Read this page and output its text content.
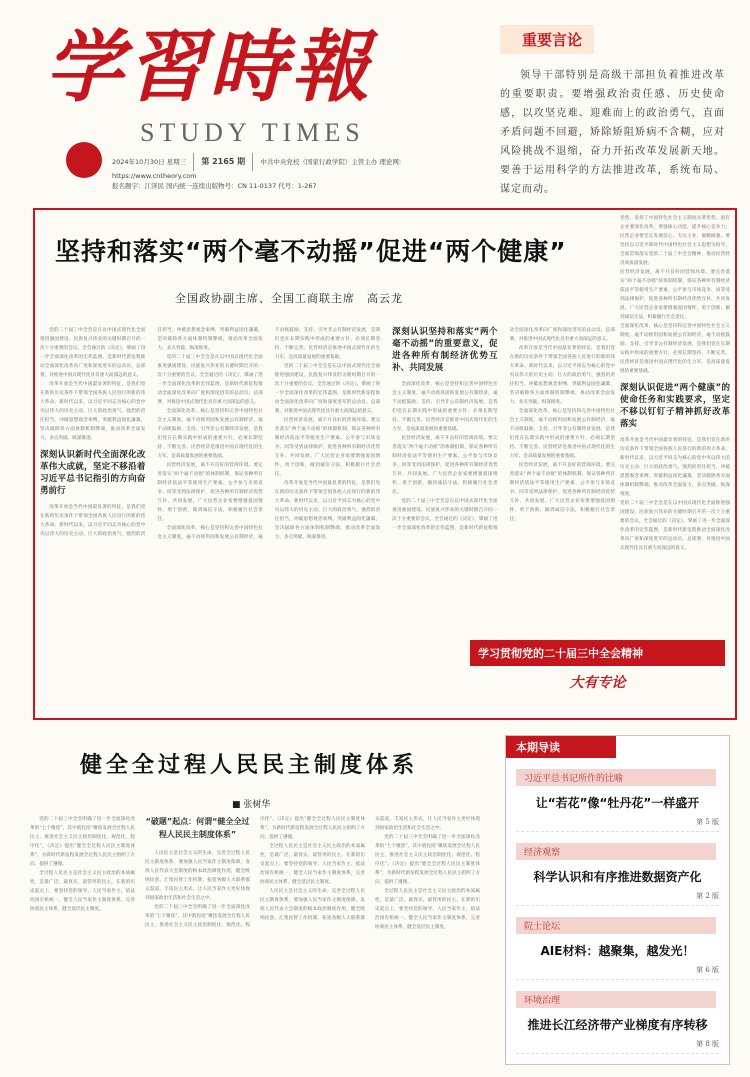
学習時報
STUDY TIMES
2024年10月30日 星期三 第 2165 期 中共中央党校（国家行政学院）主管主办 理论网: https://www.cntheory.com
报名题字：江泽民 国内统一连续出版物号：CN 11-0137 代号：1-267
重要言论
领导干部特别是高级干部担负着推进改革的重要职责。要增强政治责任感、历史使命感，以攻坚克难、迎难而上的政治勇气，直面矛盾问题不回避，矫除矫阻矫病不含糊，应对风险挑战不退缩，奋力开拓改革发展新天地。要善于运用科学的方法推进改革，系统布局、谋定而动。
坚持和落实“两个毫不动摇”促进“两个健康”
全国政协副主席、全国工商联主席　高云龙

党的二十届三中全会是在以中国式现代化全面推进强国建设、民族复兴伟业的关键时期召开的一次十分重要的会议。全会通过的《决定》，擘画了进一步全面深化改革的宏伟蓝图，是新时代新征程推动全面深化改革向广度和深度进军的总动员、总部署，对推进中国式现代化具有重大而深远的意义。

改革开放是当代中国最显著的特征，是我们党在新的历史条件下带领全国各族人民进行的新的伟大革命。新时代以来，以习近平同志为核心的党中央以伟大的历史主动、巨大的政治勇气、强烈的责任担当，冲破思想观念束缚，突破利益固化藩篱，坚决破除各方面体制机制弊端，推动改革全面发力、多点突破、纵深推进。

深刻认识新时代全面深化改革伟大成就，坚定不移沿着习近平总书记指引的方向奋勇前行

改革开放是当代中国最显著的特征，是我们党在新的历史条件下带领全国各族人民进行的新的伟大革命。新时代以来，以习近平同志为核心的党中央以伟大的历史主动、巨大的政治勇气、强烈的责任担当，冲破思想观念束缚，突破利益固化藩篱，坚决破除各方面体制机制弊端，推动改革全面发力、多点突破、纵深推进。

党的二十届三中全会是在以中国式现代化全面推进强国建设、民族复兴伟业的关键时期召开的一次十分重要的会议。全会通过的《决定》，擘画了进一步全面深化改革的宏伟蓝图，是新时代新征程推动全面深化改革向广度和深度进军的总动员、总部署，对推进中国式现代化具有重大而深远的意义。

全面深化改革，核心是坚持和完善中国特色社会主义制度。毫不动摇巩固和发展公有制经济，毫不动摇鼓励、支持、引导非公有制经济发展，是我们党在长期实践中形成的重要方针，必须长期坚持、不断完善。民营经济是推进中国式现代化的生力军，是高质量发展的重要基础。

民营经济发展，离不开良好的营商环境。要完善落实“两个毫不动摇”的体制机制，保证各种所有制经济依法平等使用生产要素、公平参与市场竞争、同等受到法律保护，促进各种所有制经济优势互补、共同发展。广大民营企业家要增强爱国情怀，勇于创新，做到诚信守法，积极履行社会责任。

全面深化改革，核心是坚持和完善中国特色社会主义制度。毫不动摇巩固和发展公有制经济，毫不动摇鼓励、支持、引导非公有制经济发展，是我们党在长期实践中形成的重要方针，必须长期坚持、不断完善。民营经济是推进中国式现代化的生力军，是高质量发展的重要基础。

党的二十届三中全会是在以中国式现代化全面推进强国建设、民族复兴伟业的关键时期召开的一次十分重要的会议。全会通过的《决定》，擘画了进一步全面深化改革的宏伟蓝图，是新时代新征程推动全面深化改革向广度和深度进军的总动员、总部署，对推进中国式现代化具有重大而深远的意义。

民营经济发展，离不开良好的营商环境。要完善落实“两个毫不动摇”的体制机制，保证各种所有制经济依法平等使用生产要素、公平参与市场竞争、同等受到法律保护，促进各种所有制经济优势互补、共同发展。广大民营企业家要增强爱国情怀，勇于创新，做到诚信守法，积极履行社会责任。

改革开放是当代中国最显著的特征，是我们党在新的历史条件下带领全国各族人民进行的新的伟大革命。新时代以来，以习近平同志为核心的党中央以伟大的历史主动、巨大的政治勇气、强烈的责任担当，冲破思想观念束缚，突破利益固化藩篱，坚决破除各方面体制机制弊端，推动改革全面发力、多点突破、纵深推进。

深刻认识坚持和落实“两个毫不动摇”的重要意义，促进各种所有制经济优势互补、共同发展

全面深化改革，核心是坚持和完善中国特色社会主义制度。毫不动摇巩固和发展公有制经济，毫不动摇鼓励、支持、引导非公有制经济发展，是我们党在长期实践中形成的重要方针，必须长期坚持、不断完善。民营经济是推进中国式现代化的生力军，是高质量发展的重要基础。

民营经济发展，离不开良好的营商环境。要完善落实“两个毫不动摇”的体制机制，保证各种所有制经济依法平等使用生产要素、公平参与市场竞争、同等受到法律保护，促进各种所有制经济优势互补、共同发展。广大民营企业家要增强爱国情怀，勇于创新，做到诚信守法，积极履行社会责任。

党的二十届三中全会是在以中国式现代化全面推进强国建设、民族复兴伟业的关键时期召开的一次十分重要的会议。全会通过的《决定》，擘画了进一步全面深化改革的宏伟蓝图，是新时代新征程推动全面深化改革向广度和深度进军的总动员、总部署，对推进中国式现代化具有重大而深远的意义。

改革开放是当代中国最显著的特征，是我们党在新的历史条件下带领全国各族人民进行的新的伟大革命。新时代以来，以习近平同志为核心的党中央以伟大的历史主动、巨大的政治勇气、强烈的责任担当，冲破思想观念束缚，突破利益固化藩篱，坚决破除各方面体制机制弊端，推动改革全面发力、多点突破、纵深推进。

全面深化改革，核心是坚持和完善中国特色社会主义制度。毫不动摇巩固和发展公有制经济，毫不动摇鼓励、支持、引导非公有制经济发展，是我们党在长期实践中形成的重要方针，必须长期坚持、不断完善。民营经济是推进中国式现代化的生力军，是高质量发展的重要基础。

民营经济发展，离不开良好的营商环境。要完善落实“两个毫不动摇”的体制机制，保证各种所有制经济依法平等使用生产要素、公平参与市场竞争、同等受到法律保护，促进各种所有制经济优势互补、共同发展。广大民营企业家要增强爱国情怀，勇于创新，做到诚信守法，积极履行社会责任。

优势，发挥了中国特色社会主义制度显著优势。国有企业要深化改革，增强核心功能，提升核心竞争力；民营企业要坚定发展信心，专注主业、做精做强。要坚持以习近平新时代中国特色社会主义思想为指导，全面贯彻落实党的二十届三中全会精神，推动民营经济高质量发展。

民营经济发展，离不开良好的营商环境。要完善落实“两个毫不动摇”的体制机制，保证各种所有制经济依法平等使用生产要素、公平参与市场竞争、同等受到法律保护，促进各种所有制经济优势互补、共同发展。广大民营企业家要增强爱国情怀，勇于创新，做到诚信守法，积极履行社会责任。

全面深化改革，核心是坚持和完善中国特色社会主义制度。毫不动摇巩固和发展公有制经济，毫不动摇鼓励、支持、引导非公有制经济发展，是我们党在长期实践中形成的重要方针，必须长期坚持、不断完善。民营经济是推进中国式现代化的生力军，是高质量发展的重要基础。

深刻认识促进“两个健康”的使命任务和实践要求，坚定不移以钉钉子精神抓好改革落实

改革开放是当代中国最显著的特征，是我们党在新的历史条件下带领全国各族人民进行的新的伟大革命。新时代以来，以习近平同志为核心的党中央以伟大的历史主动、巨大的政治勇气、强烈的责任担当，冲破思想观念束缚，突破利益固化藩篱，坚决破除各方面体制机制弊端，推动改革全面发力、多点突破、纵深推进。

党的二十届三中全会是在以中国式现代化全面推进强国建设、民族复兴伟业的关键时期召开的一次十分重要的会议。全会通过的《决定》，擘画了进一步全面深化改革的宏伟蓝图，是新时代新征程推动全面深化改革向广度和深度进军的总动员、总部署，对推进中国式现代化具有重大而深远的意义。

学习贯彻党的二十届三中全会精神
大有专论
健全全过程人民民主制度体系
■ 张树华

党的二十届三中全会明确了进一步全面深化改革的“七个聚焦”，其中就包括“聚焦发展全过程人民民主，推进社会主义民主政治制度化、规范化、程序化”。《决定》提出“健全全过程人民民主制度体系”，为新时代新征程发展全过程人民民主指明了方向、提供了遵循。

全过程人民民主是社会主义民主政治的本质属性，是最广泛、最真实、最管用的民主。在新的历史起点上，要坚持党的领导、人民当家作主、依法治国有机统一，健全人民当家作主制度体系，完善协商民主体系，健全基层民主制度。

“破题”起点：何谓“健全全过程人民民主制度体系”

人民民主是社会主义的生命。完善全过程人民民主制度体系，要加强人民当家作主制度保障，发挥人民代表大会制度的根本政治制度作用，健全吸纳民意、汇集民智工作机制，拓宽各级人大联系群众渠道，丰富民主形式，让人民当家作主更好体现到国家政治生活和社会生活之中。

党的二十届三中全会明确了进一步全面深化改革的“七个聚焦”，其中就包括“聚焦发展全过程人民民主，推进社会主义民主政治制度化、规范化、程序化”。《决定》提出“健全全过程人民民主制度体系”，为新时代新征程发展全过程人民民主指明了方向、提供了遵循。

全过程人民民主是社会主义民主政治的本质属性，是最广泛、最真实、最管用的民主。在新的历史起点上，要坚持党的领导、人民当家作主、依法治国有机统一，健全人民当家作主制度体系，完善协商民主体系，健全基层民主制度。

人民民主是社会主义的生命。完善全过程人民民主制度体系，要加强人民当家作主制度保障，发挥人民代表大会制度的根本政治制度作用，健全吸纳民意、汇集民智工作机制，拓宽各级人大联系群众渠道，丰富民主形式，让人民当家作主更好体现到国家政治生活和社会生活之中。

党的二十届三中全会明确了进一步全面深化改革的“七个聚焦”，其中就包括“聚焦发展全过程人民民主，推进社会主义民主政治制度化、规范化、程序化”。《决定》提出“健全全过程人民民主制度体系”，为新时代新征程发展全过程人民民主指明了方向、提供了遵循。

全过程人民民主是社会主义民主政治的本质属性，是最广泛、最真实、最管用的民主。在新的历史起点上，要坚持党的领导、人民当家作主、依法治国有机统一，健全人民当家作主制度体系，完善协商民主体系，健全基层民主制度。

本期导读
习近平总书记所作的比喻
让“若花”像“牡丹花”一样盛开
第 5 版
经济观察
科学认识和有序推进数据资产化
第 2 版
院士论坛
AIE材料：越聚集，越发光！
第 6 版
环境治理
推进长江经济带产业梯度有序转移
第 8 版
